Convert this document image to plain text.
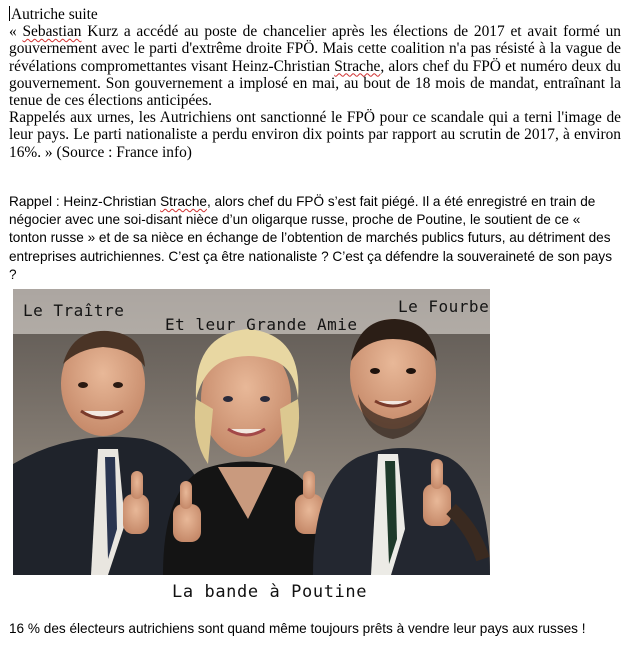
Autriche suite

« Sebastian Kurz a accédé au poste de chancelier après les élections de 2017 et avait formé un gouvernement avec le parti d'extrême droite FPÖ. Mais cette coalition n'a pas résisté à la vague de révélations compromettantes visant Heinz-Christian Strache, alors chef du FPÖ et numéro deux du gouvernement. Son gouvernement a implosé en mai, au bout de 18 mois de mandat, entraînant la tenue de ces élections anticipées.

Rappelés aux urnes, les Autrichiens ont sanctionné le FPÖ pour ce scandale qui a terni l'image de leur pays. Le parti nationaliste a perdu environ dix points par rapport au scrutin de 2017, à environ 16%. » (Source : France info)

Rappel : Heinz-Christian Strache, alors chef du FPÖ s’est fait piégé. Il a été enregistré en train de négocier avec une soi-disant nièce d’un oligarque russe, proche de Poutine, le soutient de ce « tonton russe » et de sa nièce en échange de l’obtention de marchés publics futurs, au détriment des entreprises autrichiennes. C’est ça être nationaliste ? C’est ça défendre la souveraineté de son pays ?

Le Traître
Et leur Grande Amie
Le Fourbe
La bande à Poutine
16 % des électeurs autrichiens sont quand même toujours prêts à vendre leur pays aux russes !
